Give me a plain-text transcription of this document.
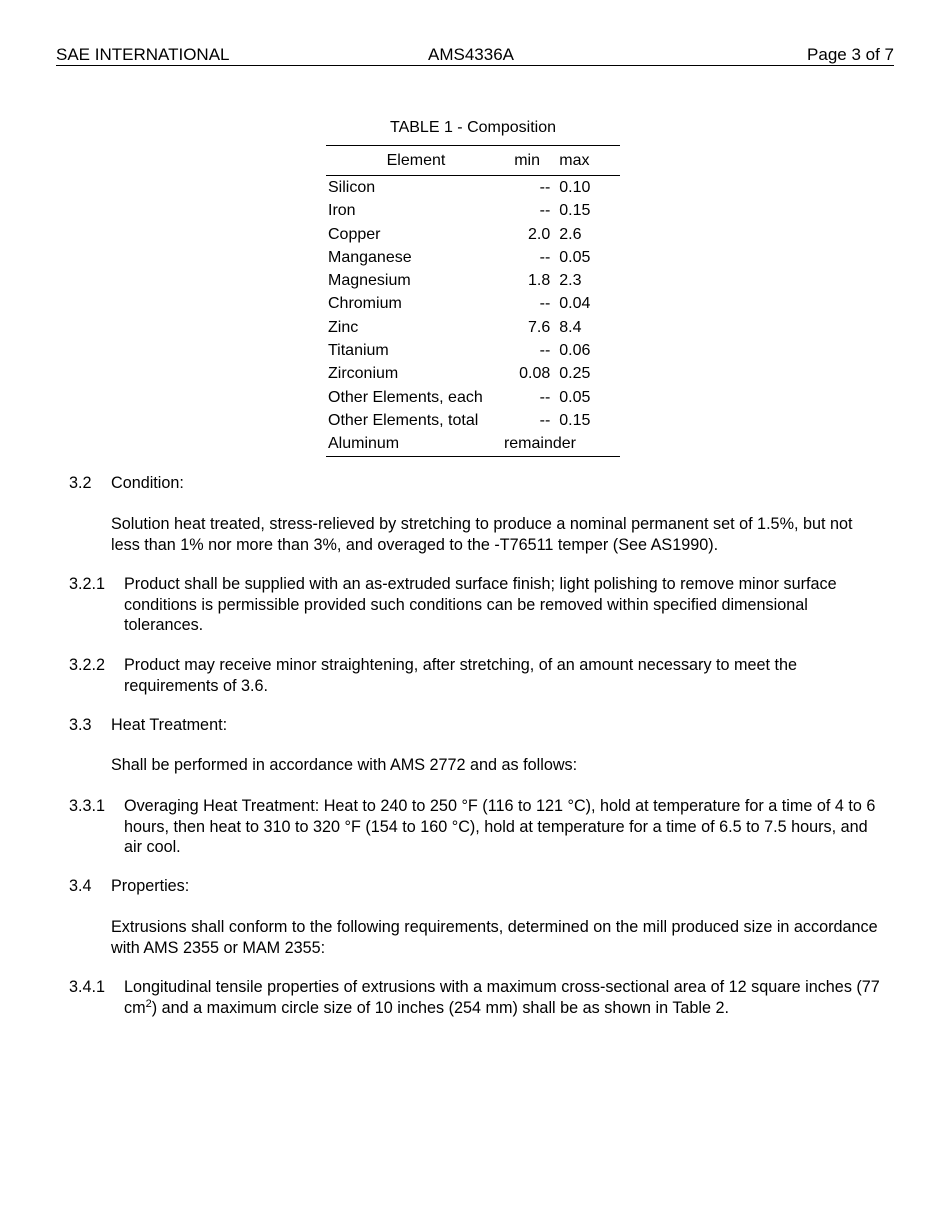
SAE INTERNATIONAL	AMS4336A	Page 3 of 7
TABLE 1 - Composition
Element	min	max
Silicon	--	0.10
Iron	--	0.15
Copper	2.0	2.6
Manganese	--	0.05
Magnesium	1.8	2.3
Chromium	--	0.04
Zinc	7.6	8.4
Titanium	--	0.06
Zirconium	0.08	0.25
Other Elements, each	--	0.05
Other Elements, total	--	0.15
Aluminum	remainder	
3.2 Condition:
Solution heat treated, stress-relieved by stretching to produce a nominal permanent set of 1.5%, but not less than 1% nor more than 3%, and overaged to the -T76511 temper (See AS1990).
3.2.1 Product shall be supplied with an as-extruded surface finish; light polishing to remove minor surface conditions is permissible provided such conditions can be removed within specified dimensional tolerances.
3.2.2 Product may receive minor straightening, after stretching, of an amount necessary to meet the requirements of 3.6.
3.3 Heat Treatment:
Shall be performed in accordance with AMS 2772 and as follows:
3.3.1 Overaging Heat Treatment: Heat to 240 to 250 °F (116 to 121 °C), hold at temperature for a time of 4 to 6 hours, then heat to 310 to 320 °F (154 to 160 °C), hold at temperature for a time of 6.5 to 7.5 hours, and air cool.
3.4 Properties:
Extrusions shall conform to the following requirements, determined on the mill produced size in accordance with AMS 2355 or MAM 2355:
3.4.1 Longitudinal tensile properties of extrusions with a maximum cross-sectional area of 12 square inches (77 $cm^2$) and a maximum circle size of 10 inches (254 mm) shall be as shown in Table 2.
